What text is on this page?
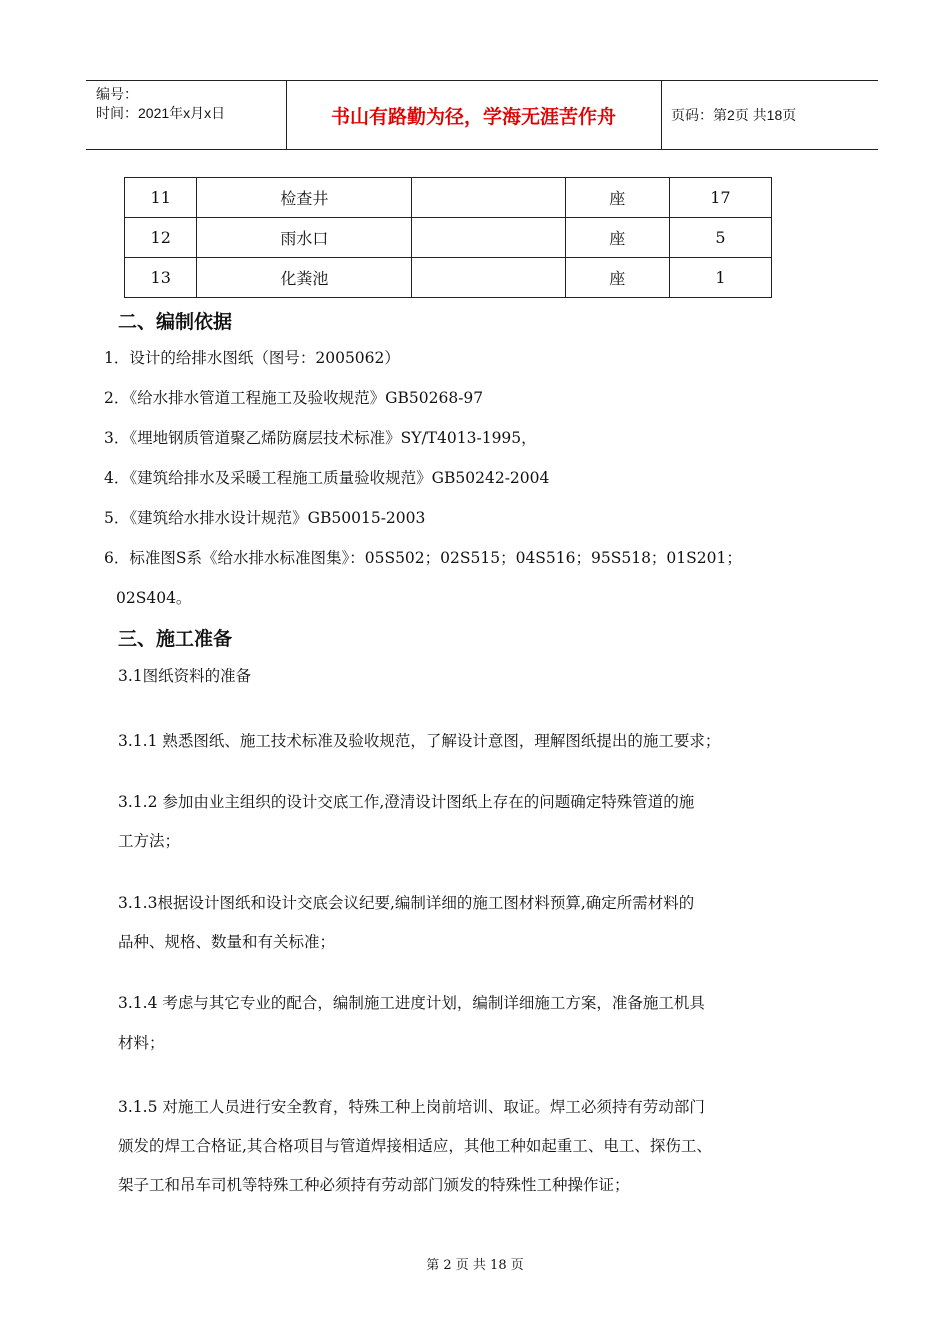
编号：
时间：2021年x月x日	书山有路勤为径，学海无涯苦作舟	页码：第2页 共18页
11	检查井		座	17
12	雨水口		座	5
13	化粪池		座	1
二、编制依据
1．设计的给排水图纸（图号：2005062）
2．《给水排水管道工程施工及验收规范》GB50268-97
3．《埋地钢质管道聚乙烯防腐层技术标准》SY/T4013-1995，
4．《建筑给排水及采暖工程施工质量验收规范》GB50242-2004
5．《建筑给水排水设计规范》GB50015-2003
6．标准图S系《给水排水标准图集》：05S502；02S515；04S516；95S518；01S201；
02S404。
三、施工准备
3.1图纸资料的准备
3.1.1 熟悉图纸、施工技术标准及验收规范，了解设计意图，理解图纸提出的施工要求；
3.1.2 参加由业主组织的设计交底工作,澄清设计图纸上存在的问题确定特殊管道的施
工方法；
3.1.3根据设计图纸和设计交底会议纪要,编制详细的施工图材料预算,确定所需材料的
品种、规格、数量和有关标准；
3.1.4 考虑与其它专业的配合，编制施工进度计划，编制详细施工方案，准备施工机具
材料；
3.1.5 对施工人员进行安全教育，特殊工种上岗前培训、取证。焊工必须持有劳动部门
颁发的焊工合格证,其合格项目与管道焊接相适应，其他工种如起重工、电工、探伤工、
架子工和吊车司机等特殊工种必须持有劳动部门颁发的特殊性工种操作证；
第 2 页 共 18 页
